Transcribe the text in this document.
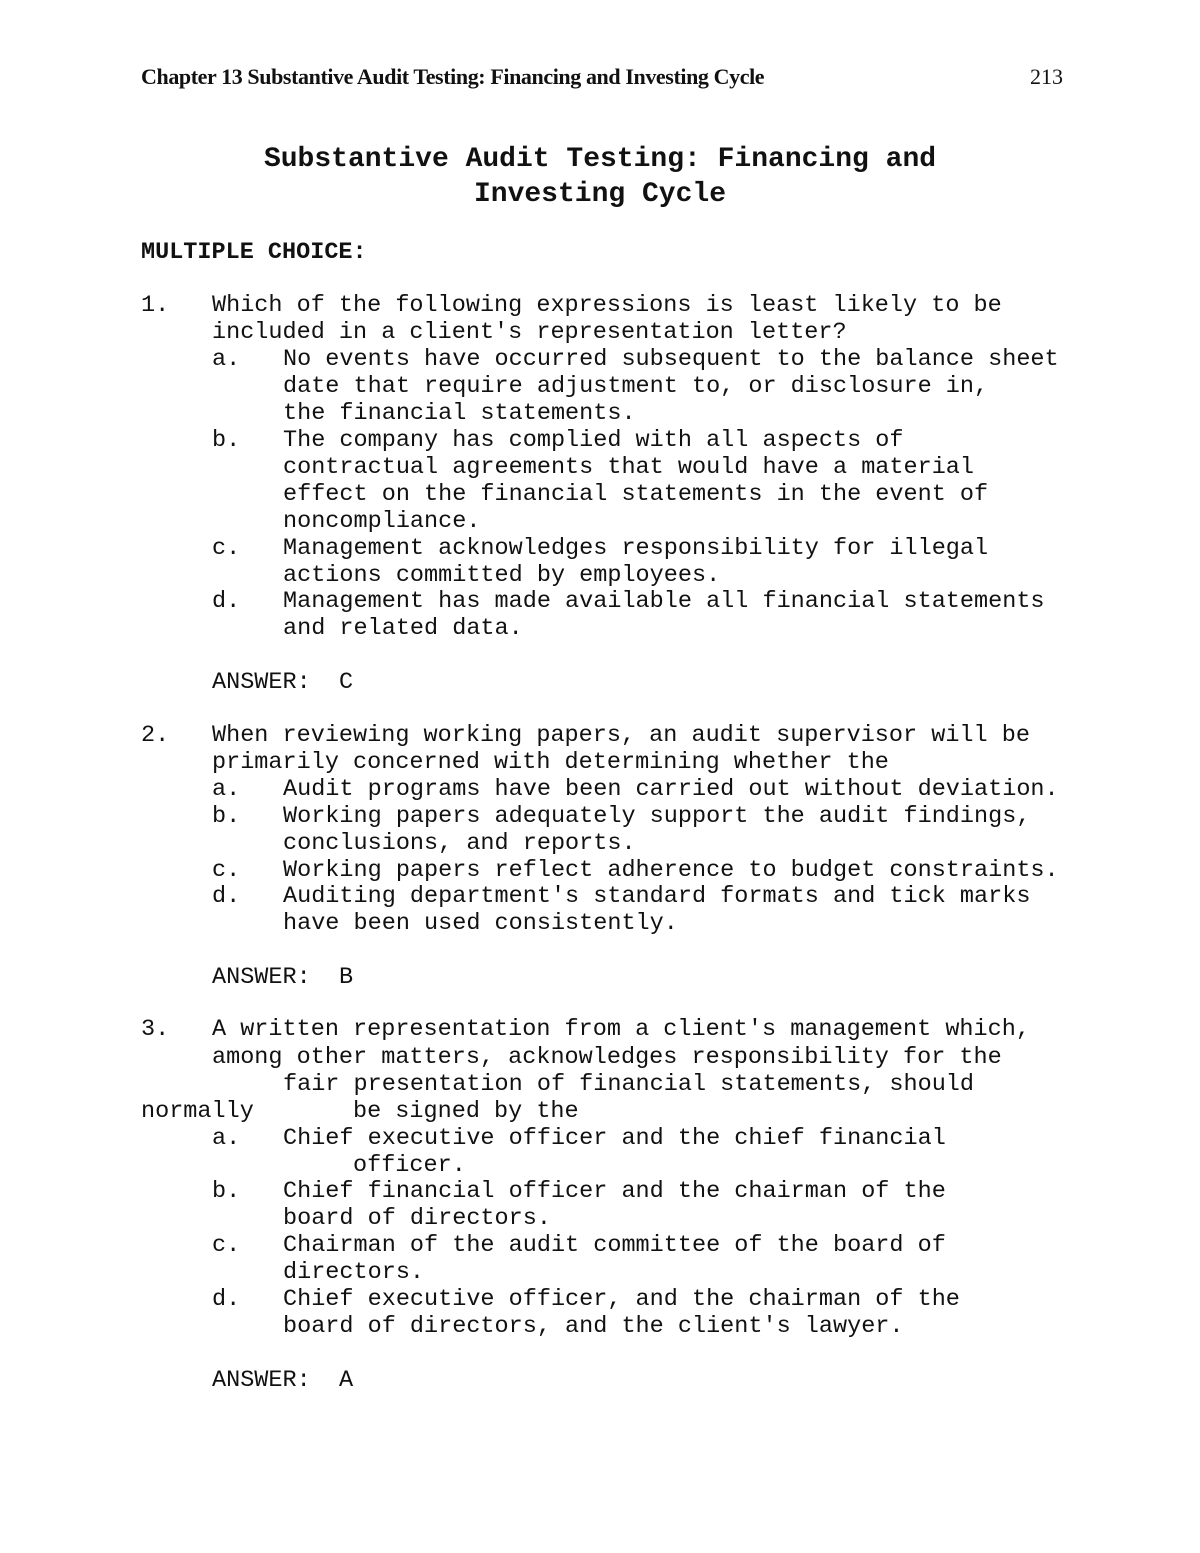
Chapter 13 Substantive Audit Testing: Financing and Investing Cycle	213
Substantive Audit Testing: Financing and
Investing Cycle
MULTIPLE CHOICE:
1. Which of the following expressions is least likely to be
included in a client's representation letter?
a. No events have occurred subsequent to the balance sheet
date that require adjustment to, or disclosure in,
the financial statements.
b. The company has complied with all aspects of
contractual agreements that would have a material
effect on the financial statements in the event of
noncompliance.
c. Management acknowledges responsibility for illegal
actions committed by employees.
d. Management has made available all financial statements
and related data.
ANSWER: C
2. When reviewing working papers, an audit supervisor will be
primarily concerned with determining whether the
a. Audit programs have been carried out without deviation.
b. Working papers adequately support the audit findings,
conclusions, and reports.
c. Working papers reflect adherence to budget constraints.
d. Auditing department's standard formats and tick marks
have been used consistently.
ANSWER: B
3. A written representation from a client's management which,
among other matters, acknowledges responsibility for the
fair presentation of financial statements, should
normally	be signed by the
a. Chief executive officer and the chief financial
officer.
b. Chief financial officer and the chairman of the
board of directors.
c. Chairman of the audit committee of the board of
directors.
d. Chief executive officer, and the chairman of the
board of directors, and the client's lawyer.
ANSWER: A
